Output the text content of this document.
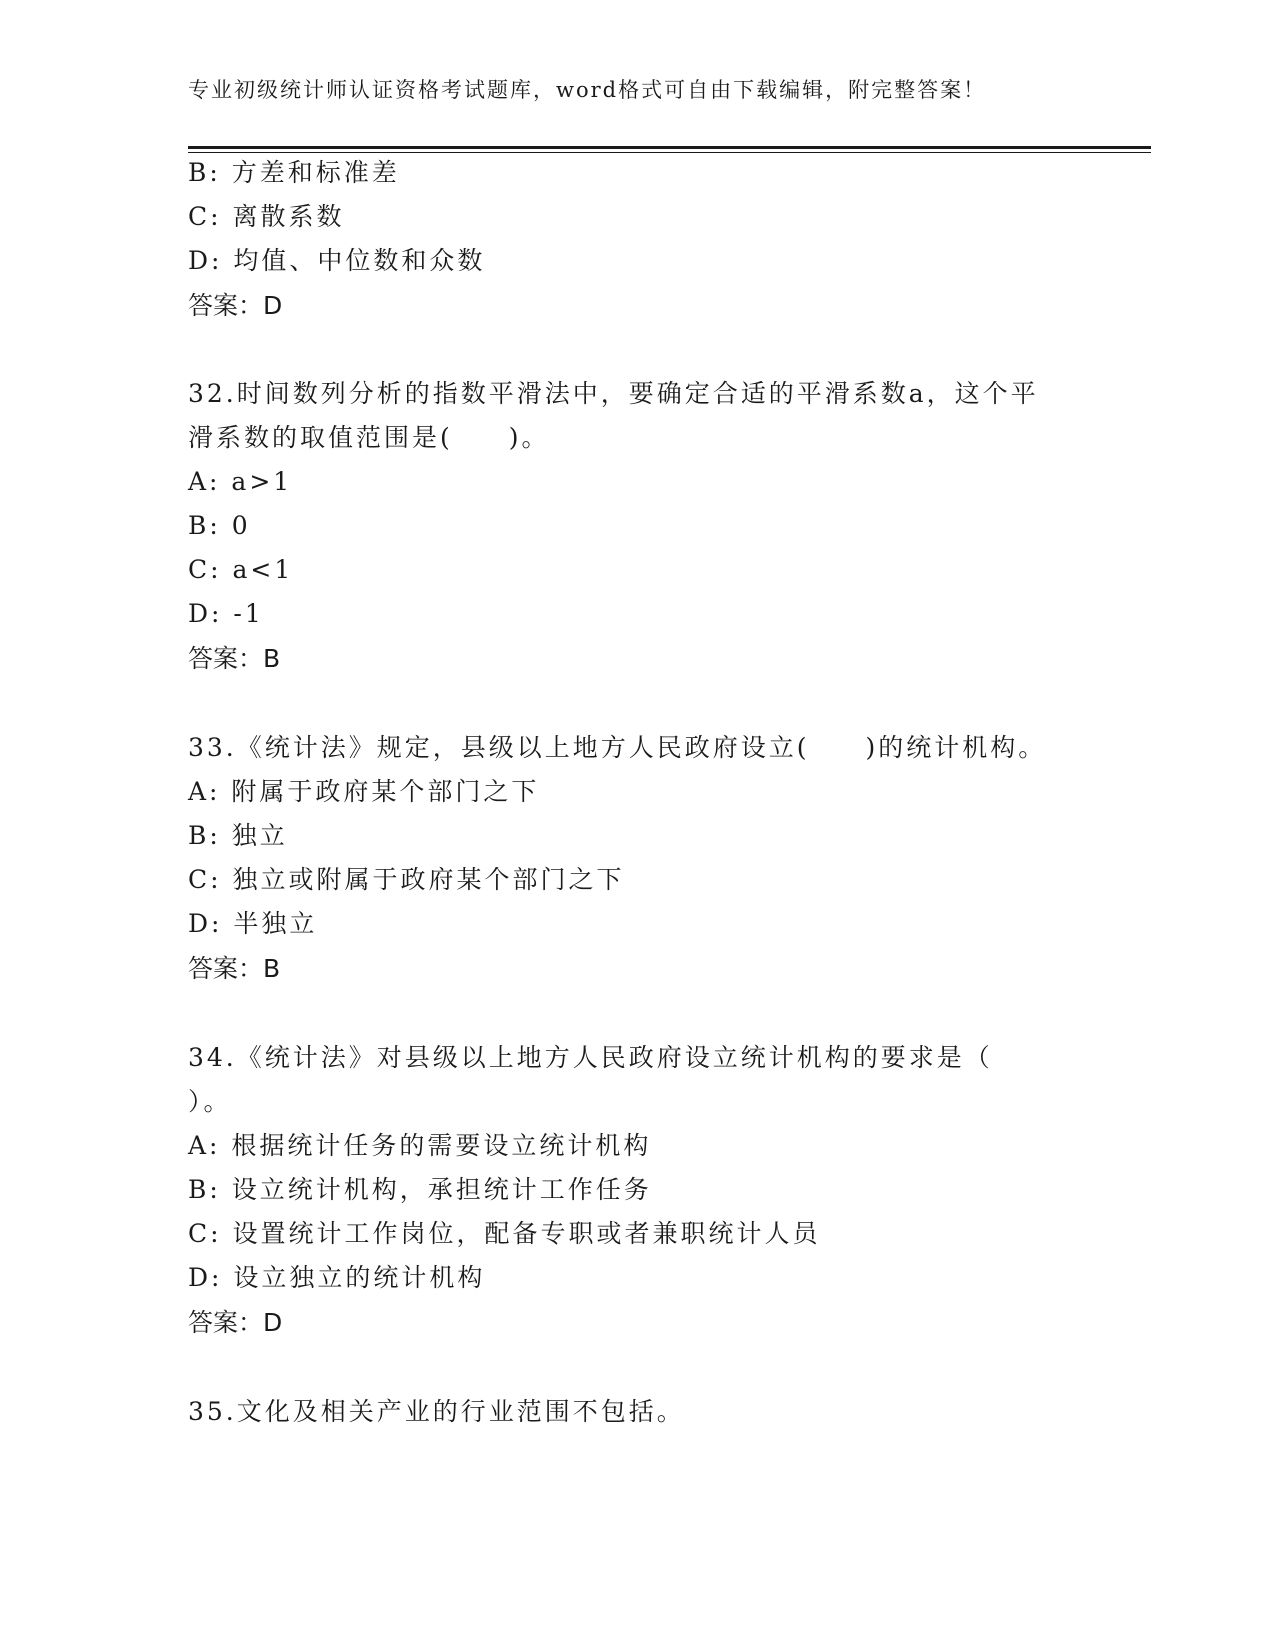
专业初级统计师认证资格考试题库，word格式可自由下载编辑，附完整答案！
B: 方差和标准差
C: 离散系数
D: 均值、中位数和众数
答案：D
32.时间数列分析的指数平滑法中，要确定合适的平滑系数a，这个平
滑系数的取值范围是(　　)。
A: a>1
B: 0
C: a<1
D: -1
答案：B
33.《统计法》规定，县级以上地方人民政府设立(　　)的统计机构。
A: 附属于政府某个部门之下
B: 独立
C: 独立或附属于政府某个部门之下
D: 半独立
答案：B
34.《统计法》对县级以上地方人民政府设立统计机构的要求是（
）。
A: 根据统计任务的需要设立统计机构
B: 设立统计机构，承担统计工作任务
C: 设置统计工作岗位，配备专职或者兼职统计人员
D: 设立独立的统计机构
答案：D
35.文化及相关产业的行业范围不包括。
